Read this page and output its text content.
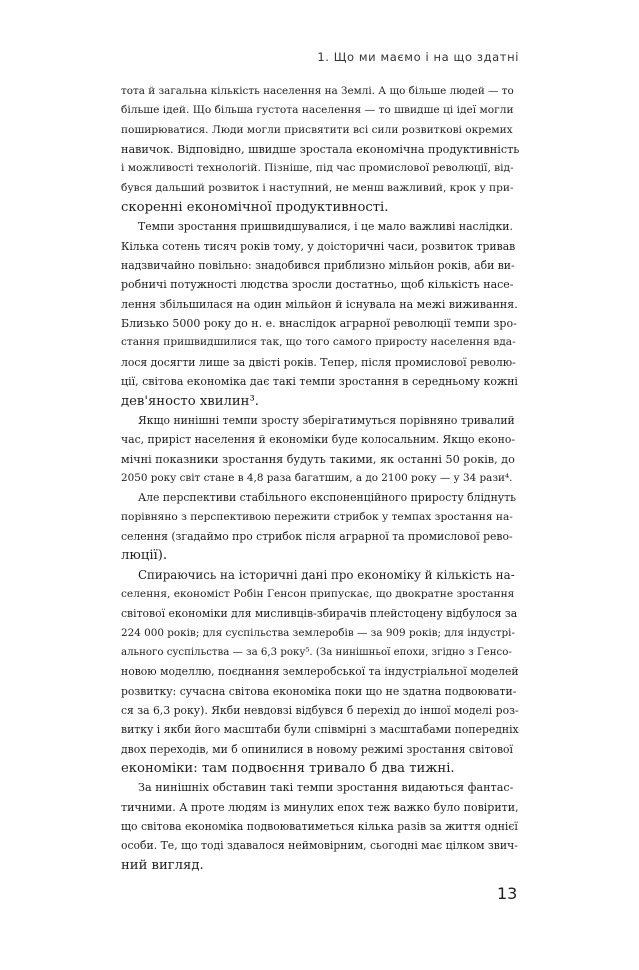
1. Що ми маємо і на що здатні
тота й загальна кількість населення на Землі. А що більше людей — то
більше ідей. Що більша густота населення — то швидше ці ідеї могли
поширюватися. Люди могли присвятити всі сили розвиткові окремих
навичок. Відповідно, швидше зростала економічна продуктивність
і можливості технологій. Пізніше, під час промислової революції, від-
бувся дальший розвиток і наступний, не менш важливий, крок у при-
скоренні економічної продуктивності.
Темпи зростання пришвидшувалися, і це мало важливі наслідки.
Кілька сотень тисяч років тому, у доісторичні часи, розвиток тривав
надзвичайно повільно: знадобився приблизно мільйон років, аби ви-
робничі потужності людства зросли достатньо, щоб кількість насе-
лення збільшилася на один мільйон й існувала на межі виживання.
Близько 5000 року до н. е. внаслідок аграрної революції темпи зро-
стання пришвидшилися так, що того самого приросту населення вда-
лося досягти лише за двісті років. Тепер, після промислової револю-
ції, світова економіка дає такі темпи зростання в середньому кожні
дев'яносто хвилин³.
Якщо нинішні темпи зросту зберігатимуться порівняно тривалий
час, приріст населення й економіки буде колосальним. Якщо еконо-
мічні показники зростання будуть такими, як останні 50 років, до
2050 року світ стане в 4,8 раза багатшим, а до 2100 року — у 34 рази⁴.
Але перспективи стабільного експоненційного приросту бліднуть
порівняно з перспективою пережити стрибок у темпах зростання на-
селення (згадаймо про стрибок після аграрної та промислової рево-
люції).
Спираючись на історичні дані про економіку й кількість на-
селення, економіст Робін Генсон припускає, що двократне зростання
світової економіки для мисливців-збирачів плейстоцену відбулося за
224 000 років; для суспільства землеробів — за 909 років; для індустрі-
ального суспільства — за 6,3 року⁵. (За нинішньої епохи, згідно з Генсо-
новою моделлю, поєднання землеробської та індустріальної моделей
розвитку: сучасна світова економіка поки що не здатна подвоювати-
ся за 6,3 року). Якби невдовзі відбувся б перехід до іншої моделі роз-
витку і якби його масштаби були співмірні з масштабами попередніх
двох переходів, ми б опинилися в новому режимі зростання світової
економіки: там подвоєння тривало б два тижні.
За нинішніх обставин такі темпи зростання видаються фантас-
тичними. А проте людям із минулих епох теж важко було повірити,
що світова економіка подвоюватиметься кілька разів за життя однієї
особи. Те, що тоді здавалося неймовірним, сьогодні має цілком звич-
ний вигляд.
13
